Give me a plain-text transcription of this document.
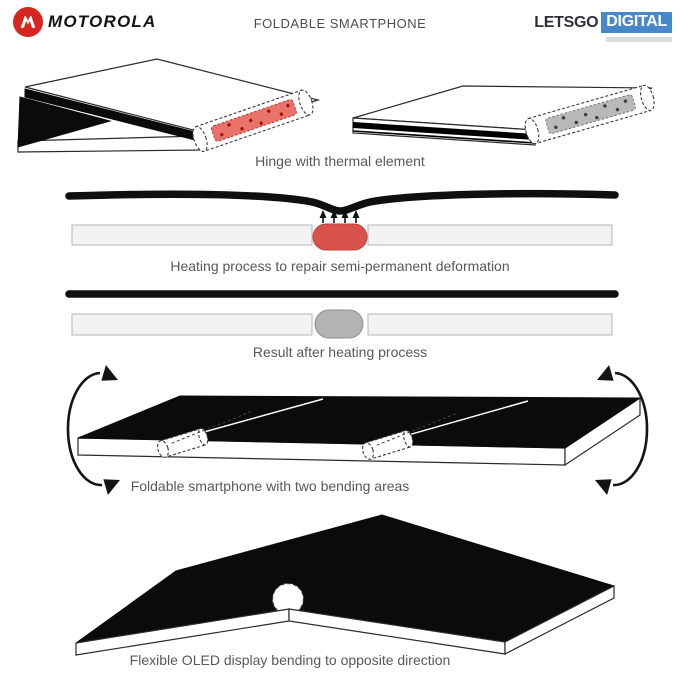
MOTOROLA	FOLDABLE SMARTPHONE	LETSGO DIGITAL
Hinge with thermal element
Heating process to repair semi-permanent deformation
Result after heating process
Foldable smartphone with two bending areas
Flexible OLED display bending to opposite direction
